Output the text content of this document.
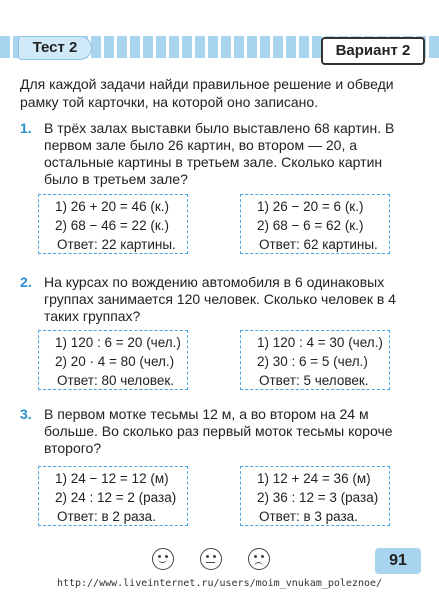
Тест 2	Вариант 2
Для каждой задачи найди правильное решение и обведи рамку той карточки, на которой оно записано.
1. В трёх залах выставки было выставлено 68 картин. В первом зале было 26 картин, во втором — 20, а остальные картины в третьем зале. Сколько картин было в третьем зале?
1) 26 + 20 = 46 (к.)
2) 68 − 46 = 22 (к.)
Ответ: 22 картины.
1) 26 − 20 = 6 (к.)
2) 68 − 6 = 62 (к.)
Ответ: 62 картины.
2. На курсах по вождению автомобиля в 6 одинаковых группах занимается 120 человек. Сколько человек в 4 таких группах?
1) 120 : 6 = 20 (чел.)
2) 20 · 4 = 80 (чел.)
Ответ: 80 человек.
1) 120 : 4 = 30 (чел.)
2) 30 : 6 = 5 (чел.)
Ответ: 5 человек.
3. В первом мотке тесьмы 12 м, а во втором на 24 м больше. Во сколько раз первый моток тесьмы короче второго?
1) 24 − 12 = 12 (м)
2) 24 : 12 = 2 (раза)
Ответ: в 2 раза.
1) 12 + 24 = 36 (м)
2) 36 : 12 = 3 (раза)
Ответ: в 3 раза.
91
http://www.liveinternet.ru/users/moim_vnukam_poleznoe/
